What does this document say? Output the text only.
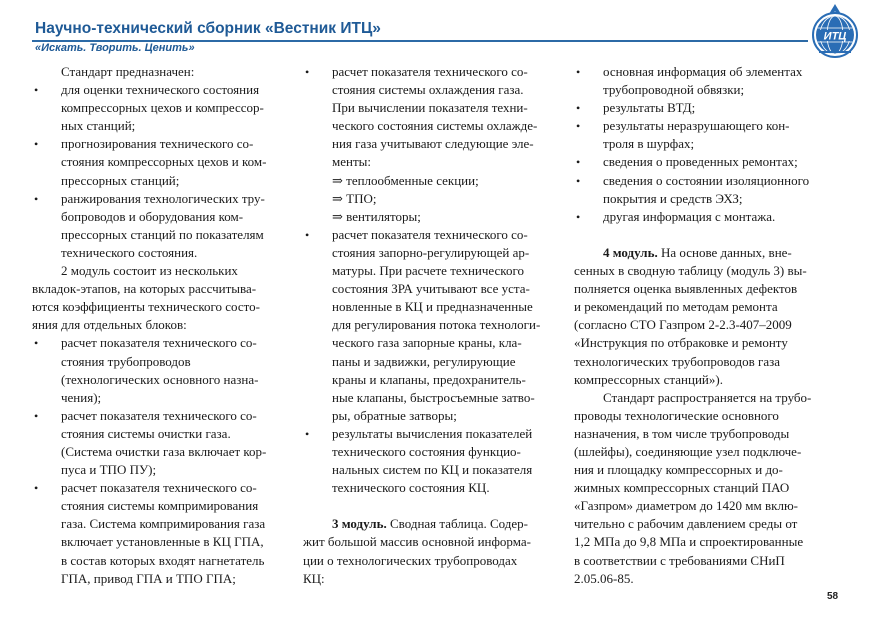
Научно-технический сборник «Вестник ИТЦ»
«Искать. Творить. Ценить»
ИТЦ
Стандарт предназначен:
• для оценки технического состояния
компрессорных цехов и компрессор-
ных станций;
• прогнозирования технического со-
стояния компрессорных цехов и ком-
прессорных станций;
• ранжирования технологических тру-
бопроводов и оборудования ком-
прессорных станций по показателям
технического состояния.
2 модуль состоит из нескольких
вкладок-этапов, на которых рассчитыва-
ются коэффициенты технического состо-
яния для отдельных блоков:
• расчет показателя технического со-
стояния трубопроводов
(технологических основного назна-
чения);
• расчет показателя технического со-
стояния системы очистки газа.
(Система очистки газа включает кор-
пуса и ТПО ПУ);
• расчет показателя технического со-
стояния системы компримирования
газа. Система компримирования газа
включает установленные в КЦ ГПА,
в состав которых входят нагнетатель
ГПА, привод ГПА и ТПО ГПА;
• расчет показателя технического со-
стояния системы охлаждения газа.
При вычислении показателя техни-
ческого состояния системы охлажде-
ния газа учитывают следующие эле-
менты:
⇒ теплообменные секции;
⇒ ТПО;
⇒ вентиляторы;
• расчет показателя технического со-
стояния запорно-регулирующей ар-
матуры. При расчете технического
состояния ЗРА учитывают все уста-
новленные в КЦ и предназначенные
для регулирования потока технологи-
ческого газа запорные краны, кла-
паны и задвижки, регулирующие
краны и клапаны, предохранитель-
ные клапаны, быстросъемные затво-
ры, обратные затворы;
• результаты вычисления показателей
технического состояния функцио-
нальных систем по КЦ и показателя
технического состояния КЦ.
3 модуль. Сводная таблица. Содер-
жит большой массив основной информа-
ции о технологических трубопроводах
КЦ:
• основная информация об элементах
трубопроводной обвязки;
• результаты ВТД;
• результаты неразрушающего кон-
троля в шурфах;
• сведения о проведенных ремонтах;
• сведения о состоянии изоляционного
покрытия и средств ЭХЗ;
• другая информация с монтажа.
4 модуль. На основе данных, вне-
сенных в сводную таблицу (модуль 3) вы-
полняется оценка выявленных дефектов
и рекомендаций по методам ремонта
(согласно СТО Газпром 2-2.3-407–2009
«Инструкция по отбраковке и ремонту
технологических трубопроводов газа
компрессорных станций»).
Стандарт распространяется на трубо-
проводы технологические основного
назначения, в том числе трубопроводы
(шлейфы), соединяющие узел подключе-
ния и площадку компрессорных и до-
жимных компрессорных станций ПАО
«Газпром» диаметром до 1420 мм вклю-
чительно с рабочим давлением среды от
1,2 МПа до 9,8 МПа и спроектированные
в соответствии с требованиями СНиП
2.05.06-85.
58
